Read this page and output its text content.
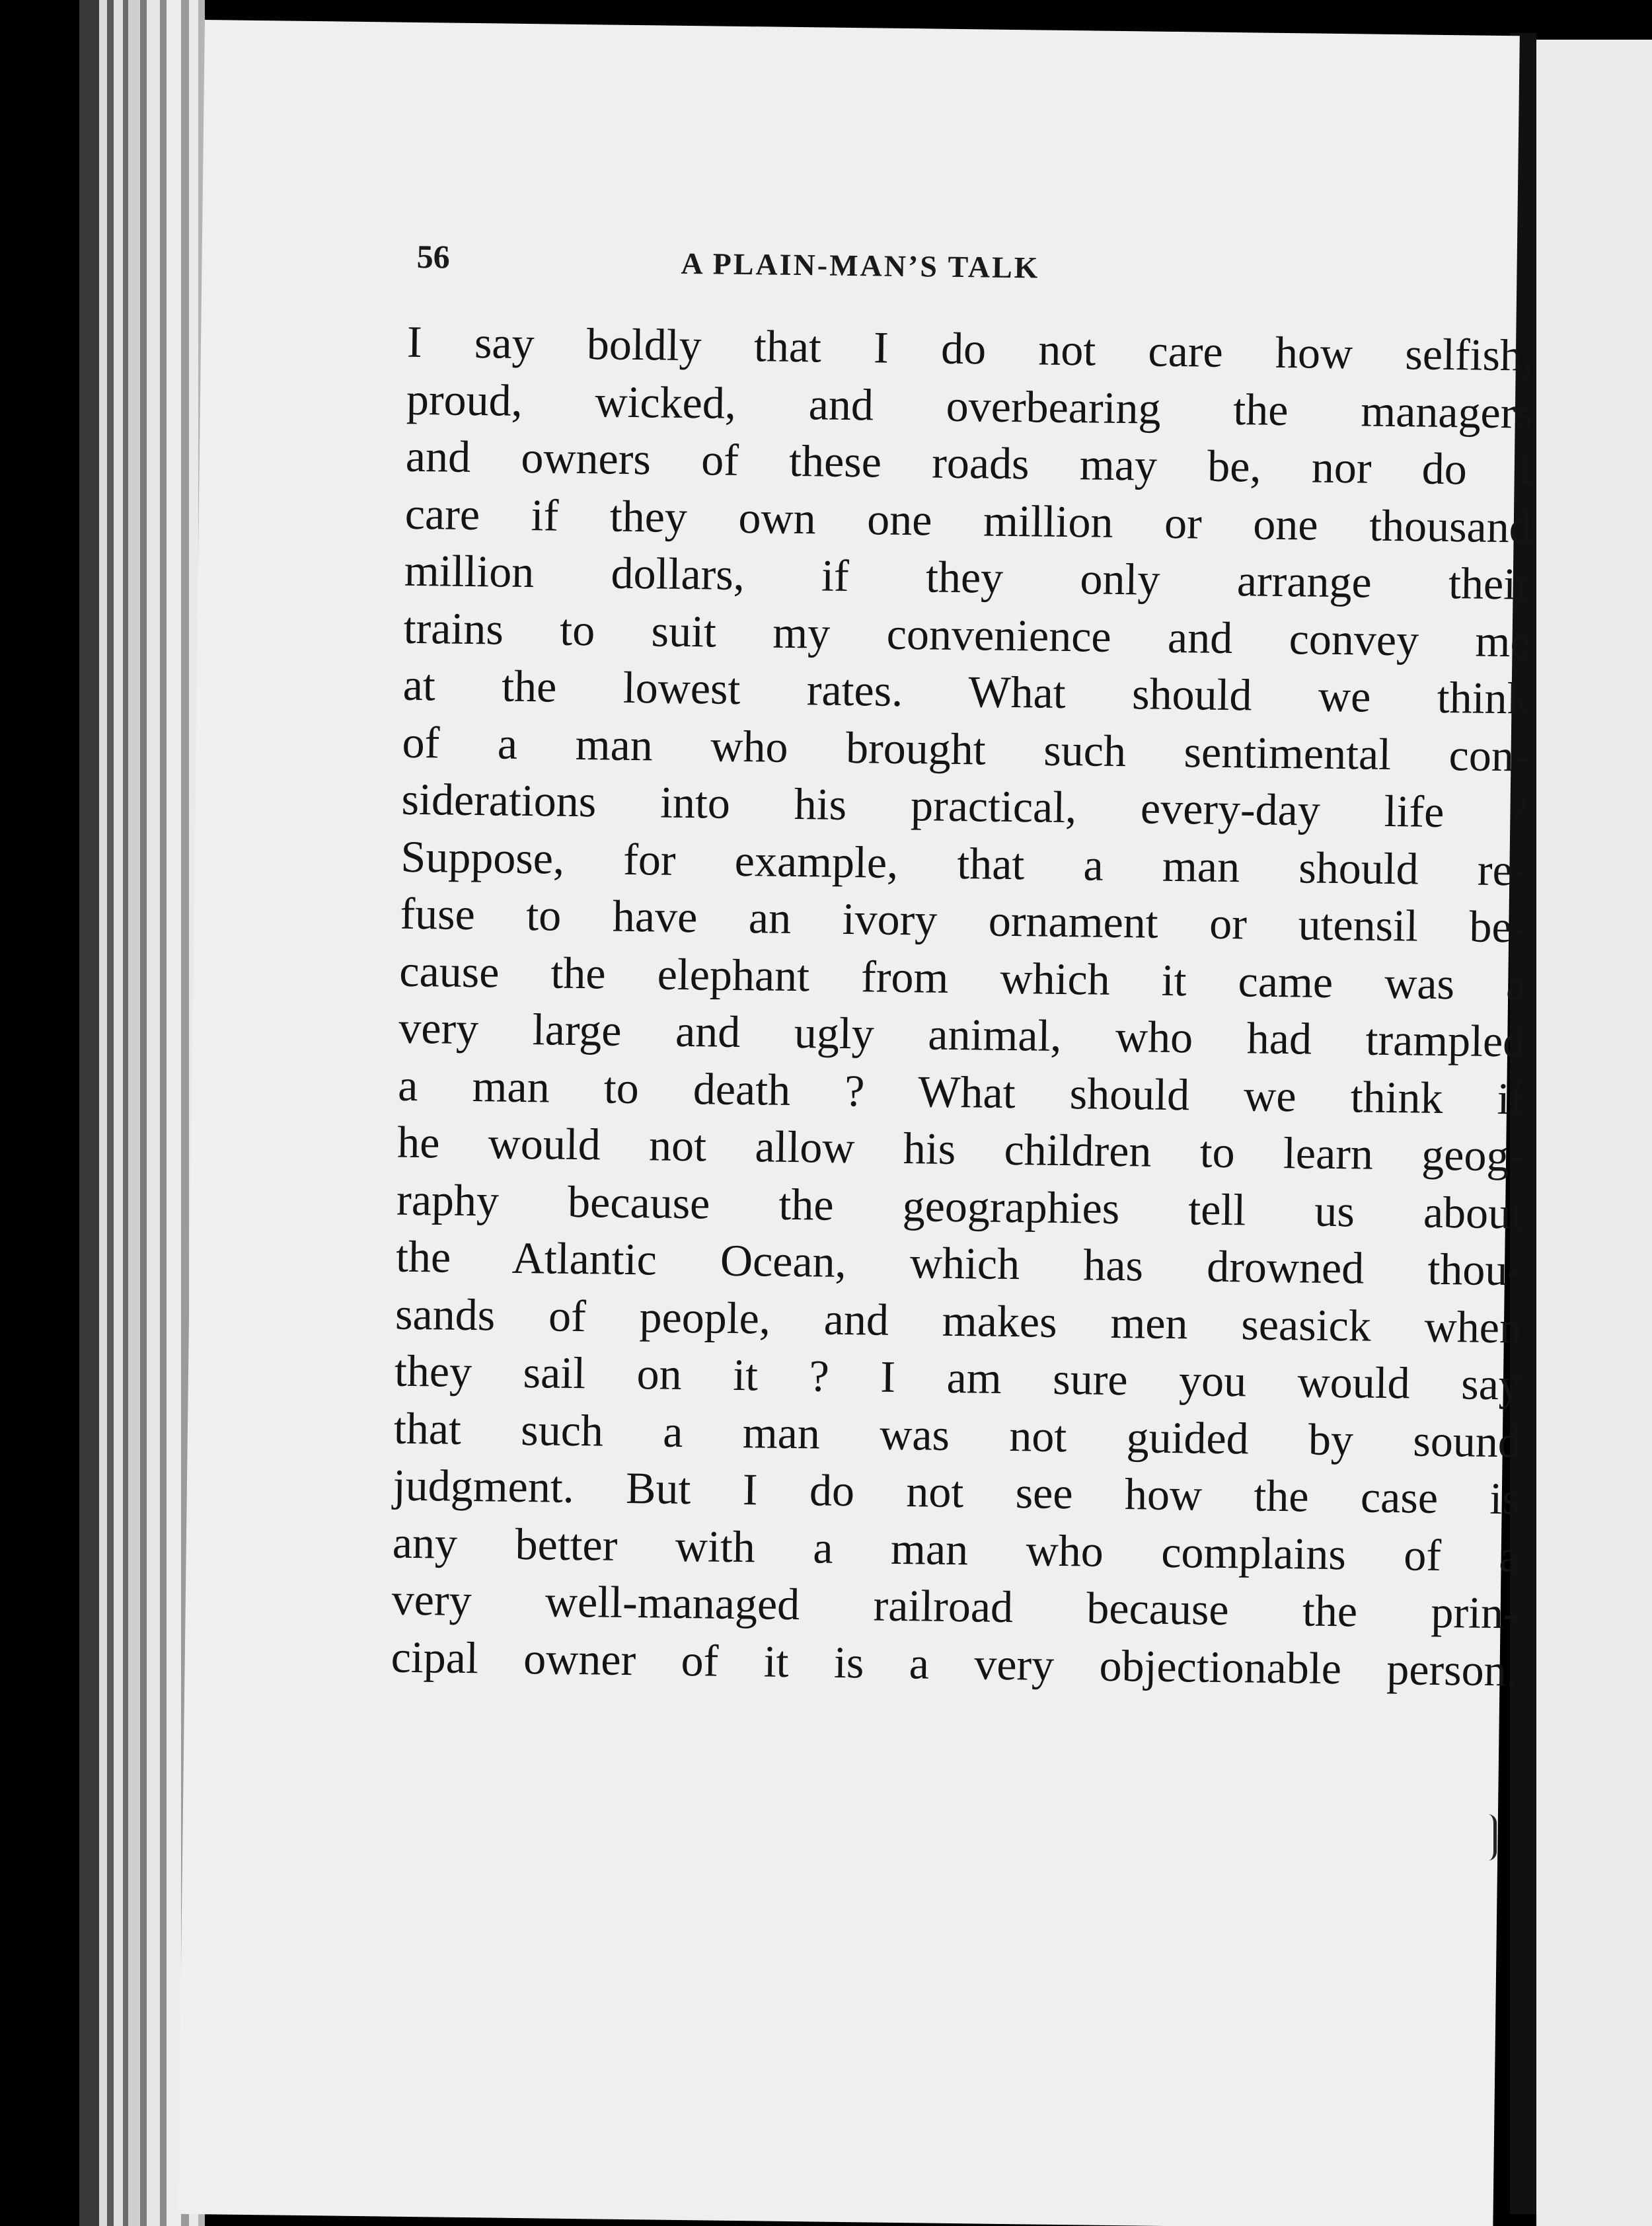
56	A PLAIN-MAN’S TALK
I say boldly that I do not care how selfish,
proud, wicked, and overbearing the managers
and owners of these roads may be, nor do I
care if they own one million or one thousand
million dollars, if they only arrange their
trains to suit my convenience and convey me
at the lowest rates. What should we think
of a man who brought such sentimental con-
siderations into his practical, every-day life ?
Suppose, for example, that a man should re-
fuse to have an ivory ornament or utensil be-
cause the elephant from which it came was a
very large and ugly animal, who had trampled
a man to death ? What should we think if
he would not allow his children to learn geog-
raphy because the geographies tell us about
the Atlantic Ocean, which has drowned thou-
sands of people, and makes men seasick when
they sail on it ? I am sure you would say
that such a man was not guided by sound
judgment. But I do not see how the case is
any better with a man who complains of a
very well-managed railroad because the prin-
cipal owner of it is a very objectionable person.
